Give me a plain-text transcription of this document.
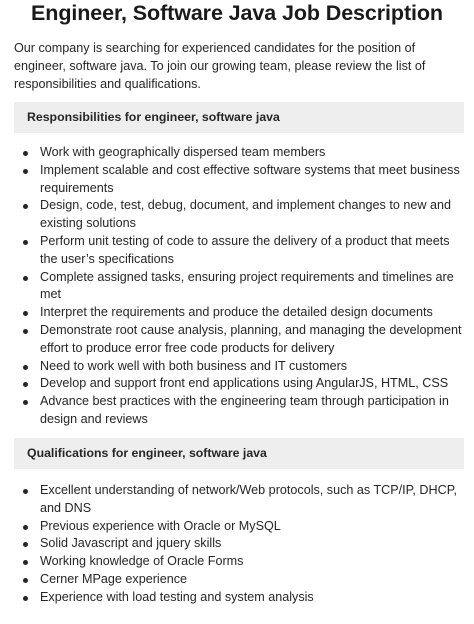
Engineer, Software Java Job Description
Our company is searching for experienced candidates for the position of engineer, software java. To join our growing team, please review the list of responsibilities and qualifications.
Responsibilities for engineer, software java
Work with geographically dispersed team members
Implement scalable and cost effective software systems that meet business requirements
Design, code, test, debug, document, and implement changes to new and existing solutions
Perform unit testing of code to assure the delivery of a product that meets the user’s specifications
Complete assigned tasks, ensuring project requirements and timelines are met
Interpret the requirements and produce the detailed design documents
Demonstrate root cause analysis, planning, and managing the development effort to produce error free code products for delivery
Need to work well with both business and IT customers
Develop and support front end applications using AngularJS, HTML, CSS
Advance best practices with the engineering team through participation in design and reviews
Qualifications for engineer, software java
Excellent understanding of network/Web protocols, such as TCP/IP, DHCP, and DNS
Previous experience with Oracle or MySQL
Solid Javascript and jquery skills
Working knowledge of Oracle Forms
Cerner MPage experience
Experience with load testing and system analysis
